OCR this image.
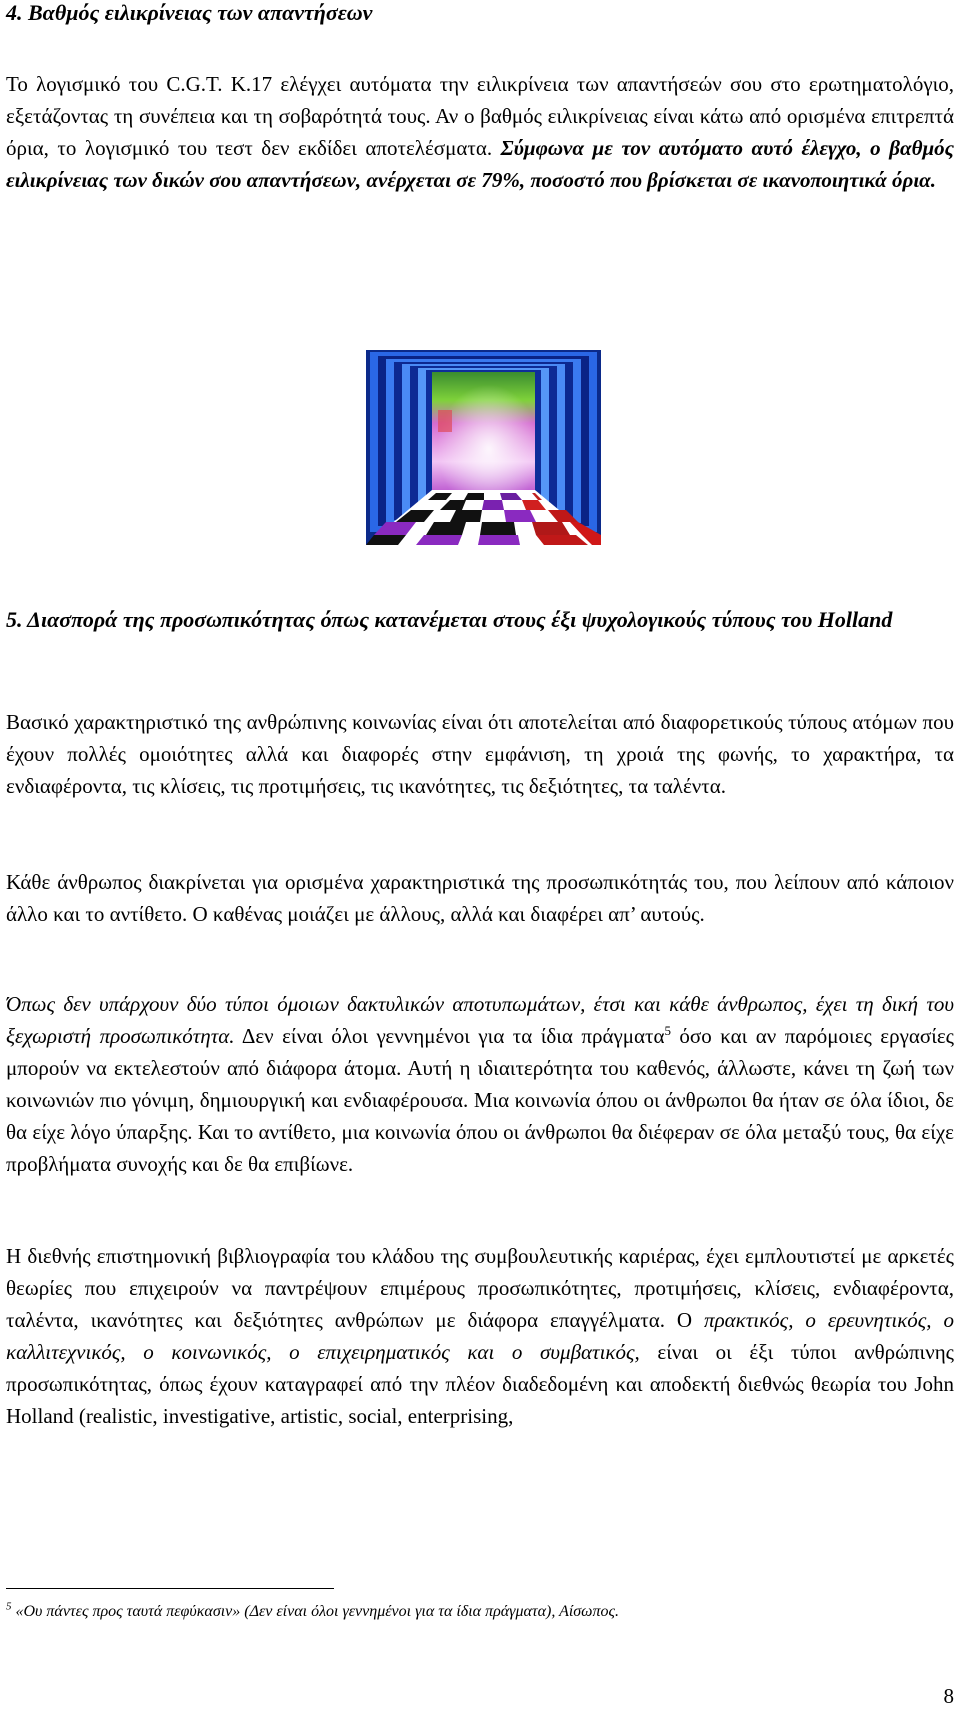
4. Βαθμός ειλικρίνειας των απαντήσεων
Το λογισμικό του C.G.T. K.17 ελέγχει αυτόματα την ειλικρίνεια των απαντήσεών σου στο ερωτηματολόγιο, εξετάζοντας τη συνέπεια και τη σοβαρότητά τους. Αν ο βαθμός ειλικρίνειας είναι κάτω από ορισμένα επιτρεπτά όρια, το λογισμικό του τεστ δεν εκδίδει αποτελέσματα. Σύμφωνα με τον αυτόματο αυτό έλεγχο, ο βαθμός ειλικρίνειας των δικών σου απαντήσεων, ανέρχεται σε 79%, ποσοστό που βρίσκεται σε ικανοποιητικά όρια.
5. Διασπορά της προσωπικότητας όπως κατανέμεται στους έξι ψυχολογικούς τύπους του Holland
Βασικό χαρακτηριστικό της ανθρώπινης κοινωνίας είναι ότι αποτελείται από διαφορετικούς τύπους ατόμων που έχουν πολλές ομοιότητες αλλά και διαφορές στην εμφάνιση, τη χροιά της φωνής, το χαρακτήρα, τα ενδιαφέροντα, τις κλίσεις, τις προτιμήσεις, τις ικανότητες, τις δεξιότητες, τα ταλέντα.
Κάθε άνθρωπος διακρίνεται για ορισμένα χαρακτηριστικά της προσωπικότητάς του, που λείπουν από κάποιον άλλο και το αντίθετο. Ο καθένας μοιάζει με άλλους, αλλά και διαφέρει απ’ αυτούς.
Όπως δεν υπάρχουν δύο τύποι όμοιων δακτυλικών αποτυπωμάτων, έτσι και κάθε άνθρωπος, έχει τη δική του ξεχωριστή προσωπικότητα. Δεν είναι όλοι γεννημένοι για τα ίδια πράγματα$^5$ όσο και αν παρόμοιες εργασίες μπορούν να εκτελεστούν από διάφορα άτομα. Αυτή η ιδιαιτερότητα του καθενός, άλλωστε, κάνει τη ζωή των κοινωνιών πιο γόνιμη, δημιουργική και ενδιαφέρουσα. Μια κοινωνία όπου οι άνθρωποι θα ήταν σε όλα ίδιοι, δε θα είχε λόγο ύπαρξης. Και το αντίθετο, μια κοινωνία όπου οι άνθρωποι θα διέφεραν σε όλα μεταξύ τους, θα είχε προβλήματα συνοχής και δε θα επιβίωνε.
Η διεθνής επιστημονική βιβλιογραφία του κλάδου της συμβουλευτικής καριέρας, έχει εμπλουτιστεί με αρκετές θεωρίες που επιχειρούν να παντρέψουν επιμέρους προσωπικότητες, προτιμήσεις, κλίσεις, ενδιαφέροντα, ταλέντα, ικανότητες και δεξιότητες ανθρώπων με διάφορα επαγγέλματα. Ο πρακτικός, ο ερευνητικός, ο καλλιτεχνικός, ο κοινωνικός, ο επιχειρηματικός και ο συμβατικός, είναι οι έξι τύποι ανθρώπινης προσωπικότητας, όπως έχουν καταγραφεί από την πλέον διαδεδομένη και αποδεκτή διεθνώς θεωρία του John Holland (realistic, investigative, artistic, social, enterprising,
$^5$ «Ου πάντες προς ταυτά πεφύκασιν» (Δεν είναι όλοι γεννημένοι για τα ίδια πράγματα), Αίσωπος.
8
